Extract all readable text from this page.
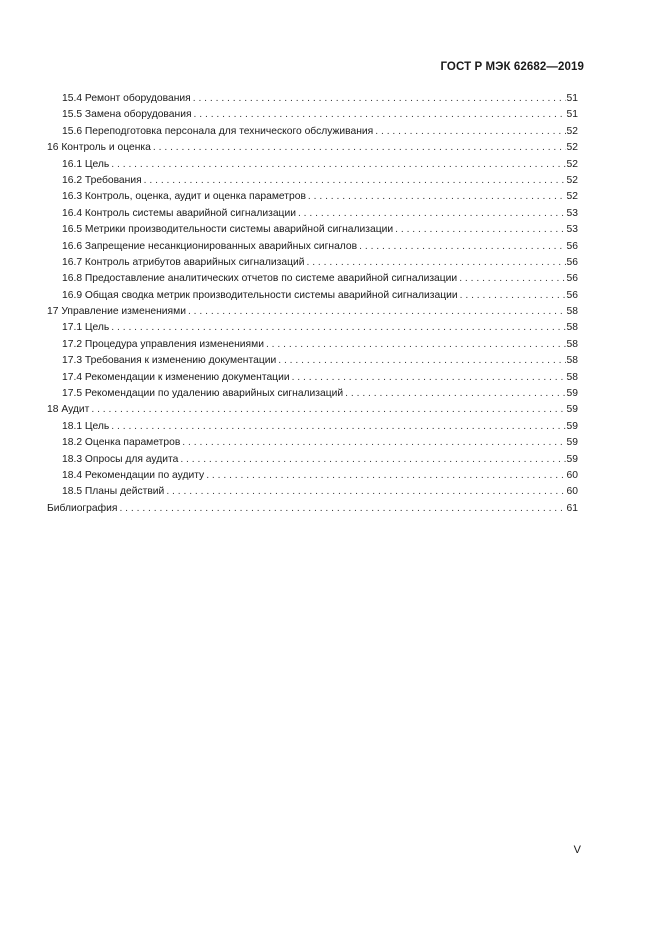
ГОСТ Р МЭК 62682—2019
15.4 Ремонт оборудования . . .	51
15.5 Замена оборудования . . .	51
15.6 Переподготовка персонала для технического обслуживания . . .	52
16 Контроль и оценка . . .	52
16.1 Цель . . .	52
16.2 Требования . . .	52
16.3 Контроль, оценка, аудит и оценка параметров . . .	52
16.4 Контроль системы аварийной сигнализации . . .	53
16.5 Метрики производительности системы аварийной сигнализации . . .	53
16.6 Запрещение несанкционированных аварийных сигналов . . .	56
16.7 Контроль атрибутов аварийных сигнализаций . . .	56
16.8 Предоставление аналитических отчетов по системе аварийной сигнализации . . .	56
16.9 Общая сводка метрик производительности системы аварийной сигнализации . . .	56
17 Управление изменениями . . .	58
17.1 Цель . . .	58
17.2 Процедура управления изменениями . . .	58
17.3 Требования к изменению документации . . .	58
17.4 Рекомендации к изменению документации . . .	58
17.5 Рекомендации по удалению аварийных сигнализаций . . .	59
18 Аудит . . .	59
18.1 Цель . . .	59
18.2 Оценка параметров . . .	59
18.3 Опросы для аудита . . .	59
18.4 Рекомендации по аудиту . . .	60
18.5 Планы действий . . .	60
Библиография . . .	61
V
